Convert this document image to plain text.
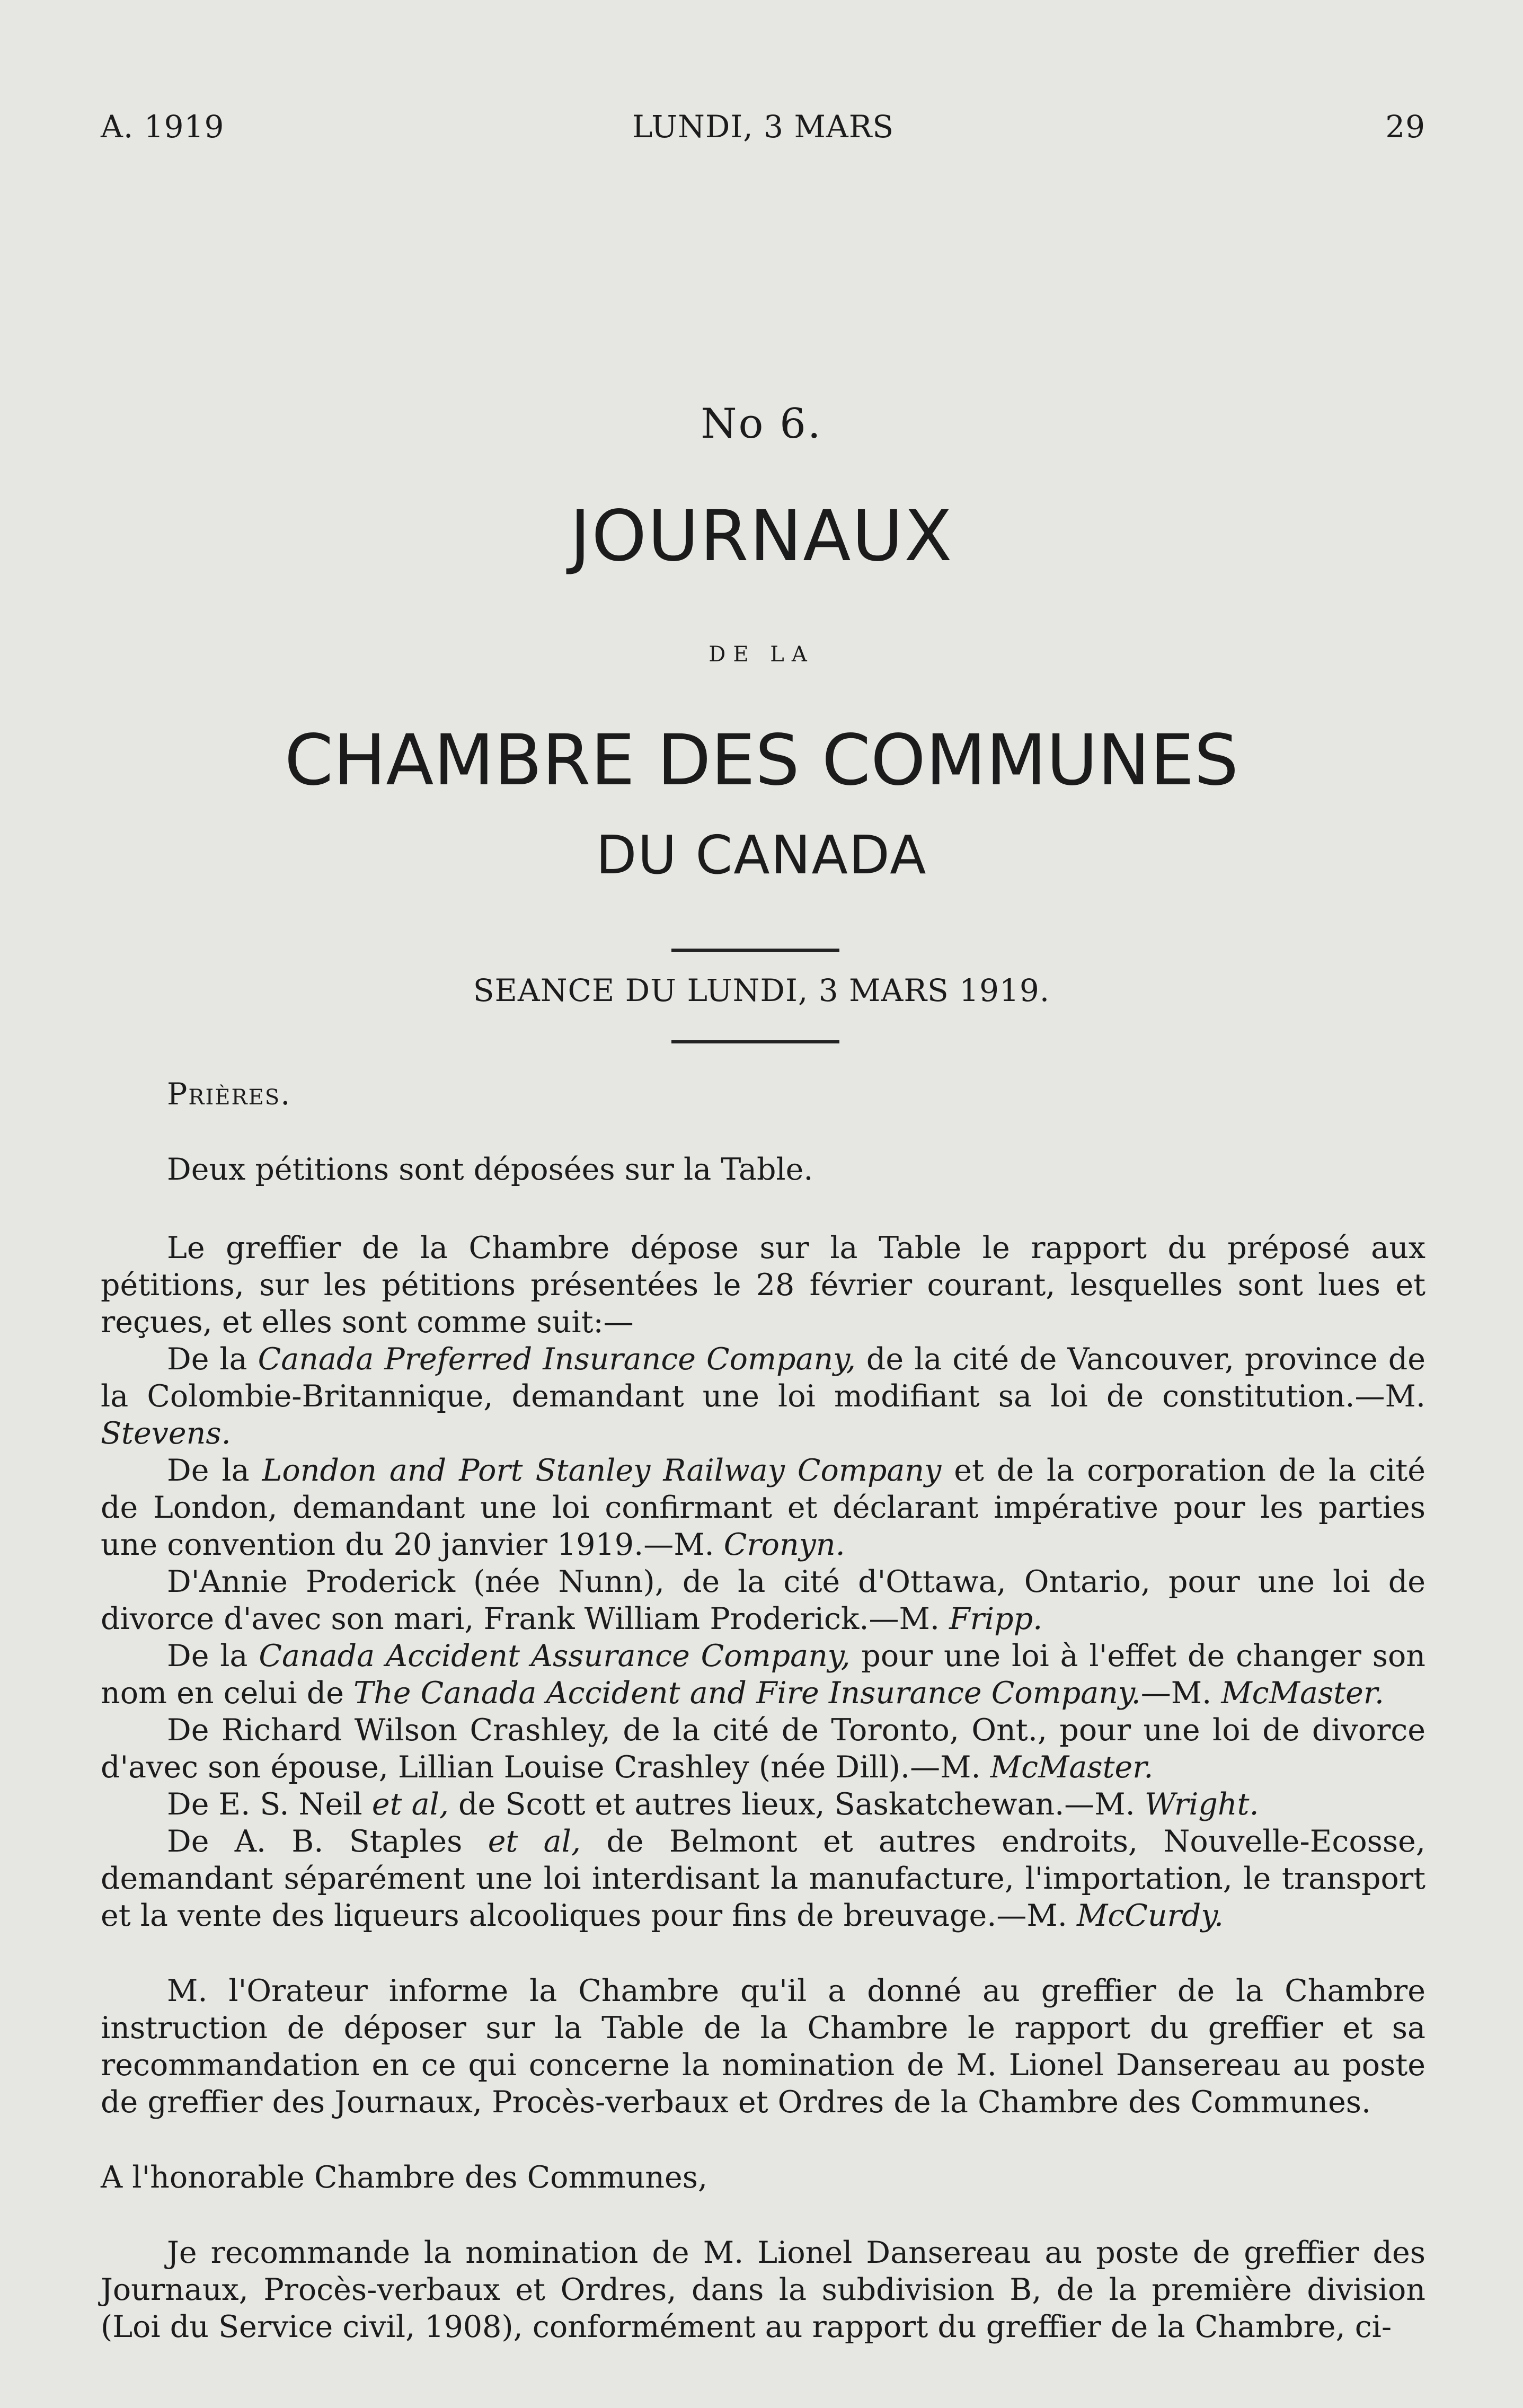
A. 1919	LUNDI, 3 MARS	29
No 6.
JOURNAUX
DE LA
CHAMBRE DES COMMUNES
DU CANADA
SEANCE DU LUNDI, 3 MARS 1919.

Prières.

Deux pétitions sont déposées sur la Table.

Le greffier de la Chambre dépose sur la Table le rapport du préposé aux pétitions, sur les pétitions présentées le 28 février courant, lesquelles sont lues et reçues, et elles sont comme suit:—

De la Canada Preferred Insurance Company, de la cité de Vancouver, province de la Colombie-Britannique, demandant une loi modifiant sa loi de constitution.—M. Stevens.

De la London and Port Stanley Railway Company et de la corporation de la cité de London, demandant une loi confirmant et déclarant impérative pour les parties une convention du 20 janvier 1919.—M. Cronyn.

D'Annie Proderick (née Nunn), de la cité d'Ottawa, Ontario, pour une loi de divorce d'avec son mari, Frank William Proderick.—M. Fripp.

De la Canada Accident Assurance Company, pour une loi à l'effet de changer son nom en celui de The Canada Accident and Fire Insurance Company.—M. McMaster.

De Richard Wilson Crashley, de la cité de Toronto, Ont., pour une loi de divorce d'avec son épouse, Lillian Louise Crashley (née Dill).—M. McMaster.

De E. S. Neil et al, de Scott et autres lieux, Saskatchewan.—M. Wright.

De A. B. Staples et al, de Belmont et autres endroits, Nouvelle-Ecosse, demandant séparément une loi interdisant la manufacture, l'importation, le transport et la vente des liqueurs alcooliques pour fins de breuvage.—M. McCurdy.

M. l'Orateur informe la Chambre qu'il a donné au greffier de la Chambre instruction de déposer sur la Table de la Chambre le rapport du greffier et sa recommandation en ce qui concerne la nomination de M. Lionel Dansereau au poste de greffier des Journaux, Procès-verbaux et Ordres de la Chambre des Communes.

A l'honorable Chambre des Communes,

Je recommande la nomination de M. Lionel Dansereau au poste de greffier des Journaux, Procès-verbaux et Ordres, dans la subdivision B, de la première division (Loi du Service civil, 1908), conformément au rapport du greffier de la Chambre, ci-
